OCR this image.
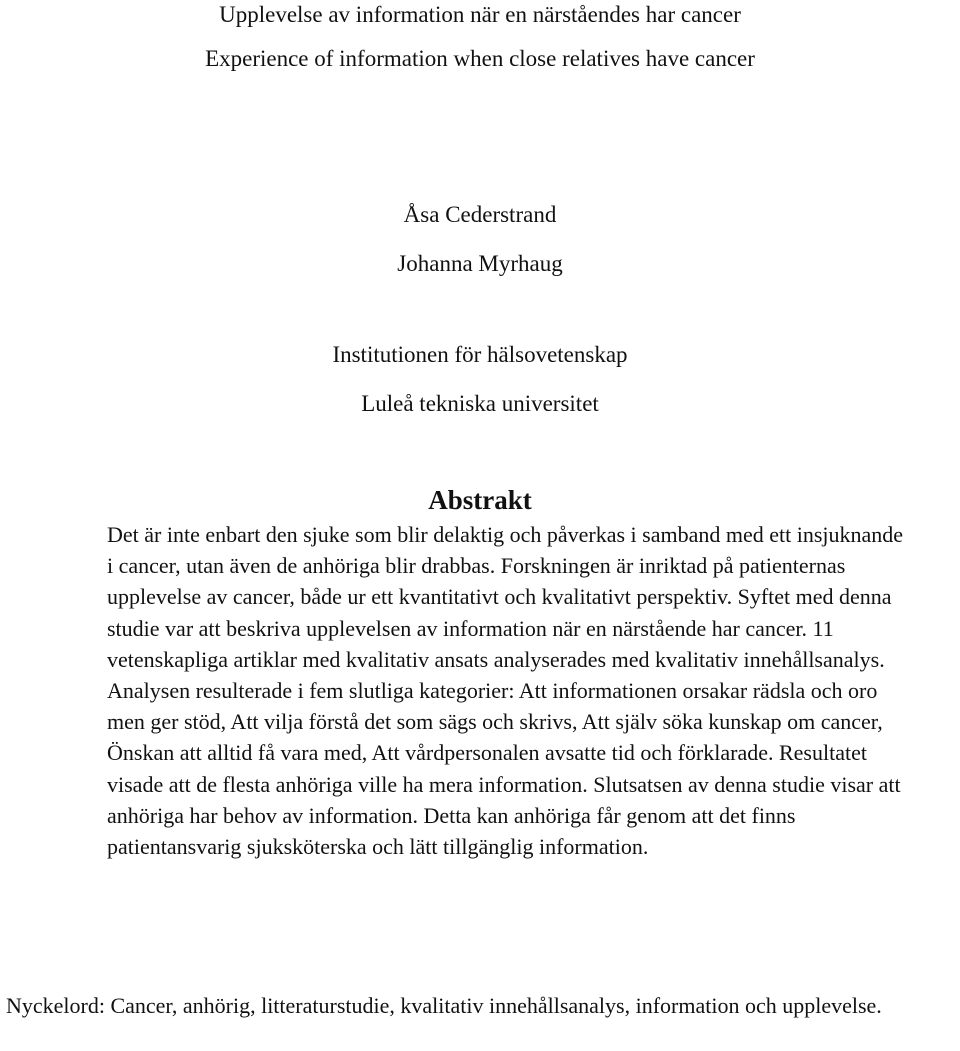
Upplevelse av information när en närståendes har cancer
Experience of information when close relatives have cancer
Åsa Cederstrand
Johanna Myrhaug
Institutionen för hälsovetenskap
Luleå tekniska universitet
Abstrakt

Det är inte enbart den sjuke som blir delaktig och påverkas i samband med ett insjuknande i cancer, utan även de anhöriga blir drabbas. Forskningen är inriktad på patienternas upplevelse av cancer, både ur ett kvantitativt och kvalitativt perspektiv. Syftet med denna studie var att beskriva upplevelsen av information när en närstående har cancer. 11 vetenskapliga artiklar med kvalitativ ansats analyserades med kvalitativ innehållsanalys. Analysen resulterade i fem slutliga kategorier: Att informationen orsakar rädsla och oro men ger stöd, Att vilja förstå det som sägs och skrivs, Att själv söka kunskap om cancer, Önskan att alltid få vara med, Att vårdpersonalen avsatte tid och förklarade. Resultatet visade att de flesta anhöriga ville ha mera information. Slutsatsen av denna studie visar att anhöriga har behov av information. Detta kan anhöriga får genom att det finns patientansvarig sjuksköterska och lätt tillgänglig information.

Nyckelord: Cancer, anhörig, litteraturstudie, kvalitativ innehållsanalys, information och upplevelse.
